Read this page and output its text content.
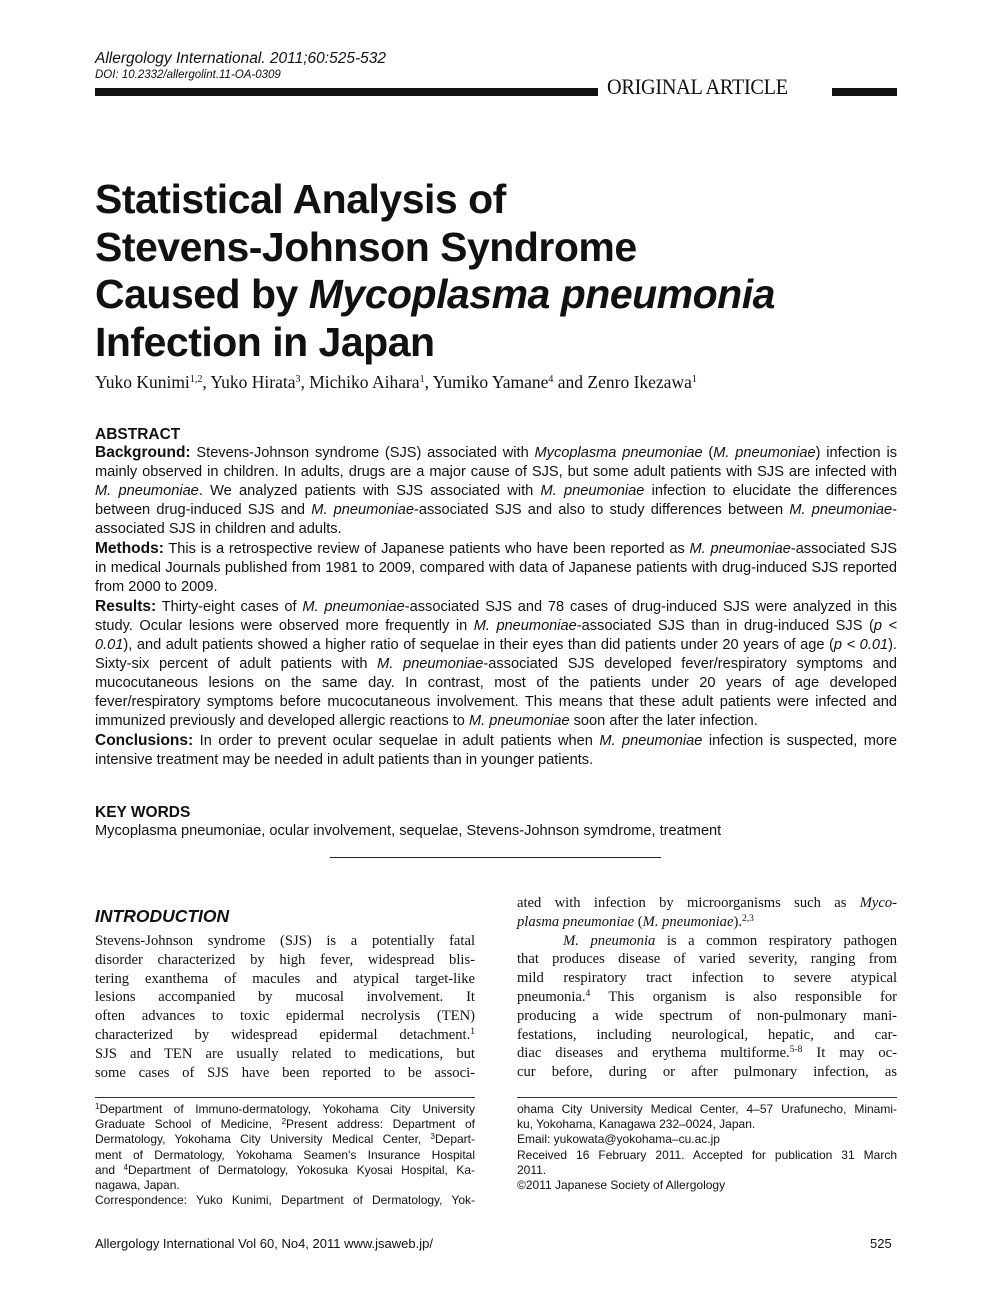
Allergology International. 2011;60:525-532
DOI: 10.2332/allergolint.11-OA-0309	ORIGINAL ARTICLE
Statistical Analysis of
Stevens-Johnson Syndrome
Caused by Mycoplasma pneumonia
Infection in Japan
Yuko Kunimi$^{1,2}$, Yuko Hirata$^3$, Michiko Aihara$^1$, Yumiko Yamane$^4$ and Zenro Ikezawa$^1$

ABSTRACT

Background: Stevens-Johnson syndrome (SJS) associated with Mycoplasma pneumoniae (M. pneumoniae) infection is mainly observed in children. In adults, drugs are a major cause of SJS, but some adult patients with SJS are infected with M. pneumoniae. We analyzed patients with SJS associated with M. pneumoniae infection to elucidate the differences between drug-induced SJS and M. pneumoniae-associated SJS and also to study differences between M. pneumoniae-associated SJS in children and adults.

Methods: This is a retrospective review of Japanese patients who have been reported as M. pneumoniae-associated SJS in medical Journals published from 1981 to 2009, compared with data of Japanese patients with drug-induced SJS reported from 2000 to 2009.

Results: Thirty-eight cases of M. pneumoniae-associated SJS and 78 cases of drug-induced SJS were analyzed in this study. Ocular lesions were observed more frequently in M. pneumoniae-associated SJS than in drug-induced SJS (p < 0.01), and adult patients showed a higher ratio of sequelae in their eyes than did patients under 20 years of age (p < 0.01). Sixty-six percent of adult patients with M. pneumoniae-associated SJS developed fever/respiratory symptoms and mucocutaneous lesions on the same day. In contrast, most of the patients under 20 years of age developed fever/respiratory symptoms before mucocutaneous involvement. This means that these adult patients were infected and immunized previously and developed allergic reactions to M. pneumoniae soon after the later infection.

Conclusions: In order to prevent ocular sequelae in adult patients when M. pneumoniae infection is suspected, more intensive treatment may be needed in adult patients than in younger patients.

KEY WORDS
Mycoplasma pneumoniae, ocular involvement, sequelae, Stevens-Johnson symdrome, treatment
INTRODUCTION
Stevens-Johnson syndrome (SJS) is a potentially fatal
disorder characterized by high fever, widespread blis-
tering exanthema of macules and atypical target-like
lesions accompanied by mucosal involvement. It
often advances to toxic epidermal necrolysis (TEN)
characterized by widespread epidermal detachment.$^1$
SJS and TEN are usually related to medications, but
some cases of SJS have been reported to be associ-
ated with infection by microorganisms such as Myco-
plasma pneumoniae (M. pneumoniae).$^{2,3}$
M. pneumonia is a common respiratory pathogen
that produces disease of varied severity, ranging from
mild respiratory tract infection to severe atypical
pneumonia.$^4$ This organism is also responsible for
producing a wide spectrum of non-pulmonary mani-
festations, including neurological, hepatic, and car-
diac diseases and erythema multiforme.$^{5-8}$ It may oc-
cur before, during or after pulmonary infection, as
$^1$Department of Immuno-dermatology, Yokohama City University
Graduate School of Medicine, $^2$Present address: Department of
Dermatology, Yokohama City University Medical Center, $^3$Depart-
ment of Dermatology, Yokohama Seamen's Insurance Hospital
and $^4$Department of Dermatology, Yokosuka Kyosai Hospital, Ka-
nagawa, Japan.
Correspondence: Yuko Kunimi, Department of Dermatology, Yok-
ohama City University Medical Center, 4–57 Urafunecho, Minami-
ku, Yokohama, Kanagawa 232–0024, Japan.
Email: yukowata@yokohama–cu.ac.jp
Received 16 February 2011. Accepted for publication 31 March
2011.
©2011 Japanese Society of Allergology
Allergology International Vol 60, No4, 2011 www.jsaweb.jp/	525
